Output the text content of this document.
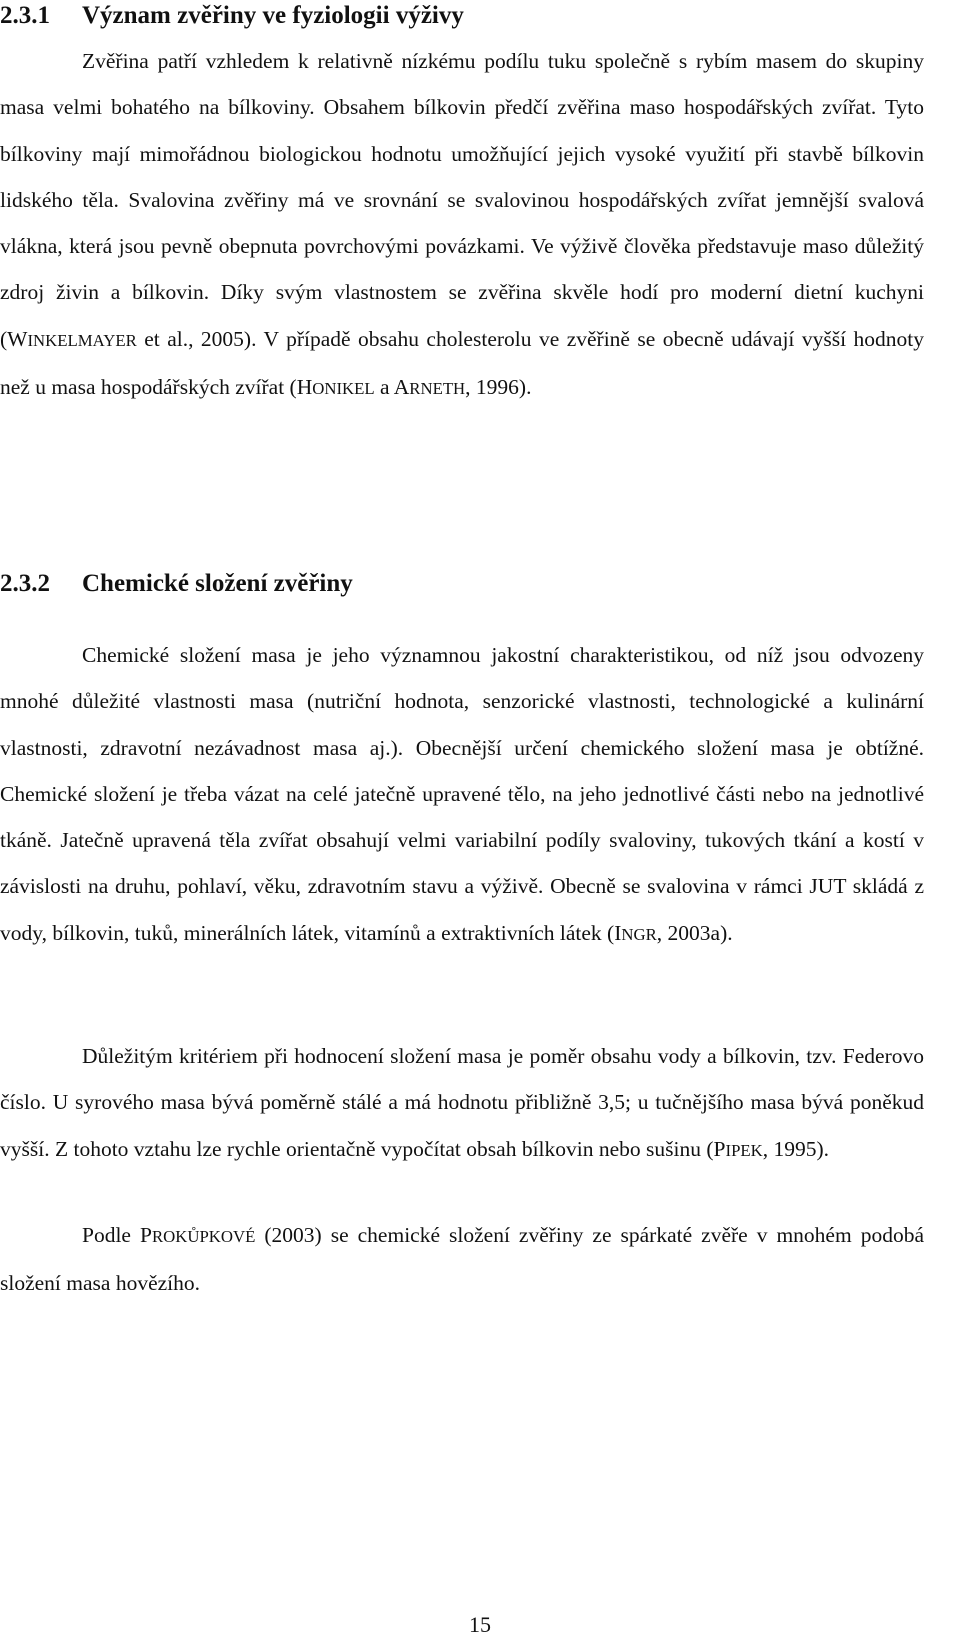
2.3.1 Význam zvěřiny ve fyziologii výživy

Zvěřina patří vzhledem k relativně nízkému podílu tuku společně s rybím masem do skupiny masa velmi bohatého na bílkoviny. Obsahem bílkovin předčí zvěřina maso hospodářských zvířat. Tyto bílkoviny mají mimořádnou biologickou hodnotu umožňující jejich vysoké využití při stavbě bílkovin lidského těla. Svalovina zvěřiny má ve srovnání se svalovinou hospodářských zvířat jemnější svalová vlákna, která jsou pevně obepnuta povrchovými povázkami. Ve výživě člověka představuje maso důležitý zdroj živin a bílkovin. Díky svým vlastnostem se zvěřina skvěle hodí pro moderní dietní kuchyni (WINKELMAYER et al., 2005). V případě obsahu cholesterolu ve zvěřině se obecně udávají vyšší hodnoty než u masa hospodářských zvířat (HONIKEL a ARNETH, 1996).

2.3.2 Chemické složení zvěřiny

Chemické složení masa je jeho významnou jakostní charakteristikou, od níž jsou odvozeny mnohé důležité vlastnosti masa (nutriční hodnota, senzorické vlastnosti, technologické a kulinární vlastnosti, zdravotní nezávadnost masa aj.). Obecnější určení chemického složení masa je obtížné. Chemické složení je třeba vázat na celé jatečně upravené tělo, na jeho jednotlivé části nebo na jednotlivé tkáně. Jatečně upravená těla zvířat obsahují velmi variabilní podíly svaloviny, tukových tkání a kostí v závislosti na druhu, pohlaví, věku, zdravotním stavu a výživě. Obecně se svalovina v rámci JUT skládá z vody, bílkovin, tuků, minerálních látek, vitamínů a extraktivních látek (INGR, 2003a).

Důležitým kritériem při hodnocení složení masa je poměr obsahu vody a bílkovin, tzv. Federovo číslo. U syrového masa bývá poměrně stálé a má hodnotu přibližně 3,5; u tučnějšího masa bývá poněkud vyšší. Z tohoto vztahu lze rychle orientačně vypočítat obsah bílkovin nebo sušinu (PIPEK, 1995).

Podle PROKŮPKOVÉ (2003) se chemické složení zvěřiny ze spárkaté zvěře v mnohém podobá složení masa hovězího.

15
